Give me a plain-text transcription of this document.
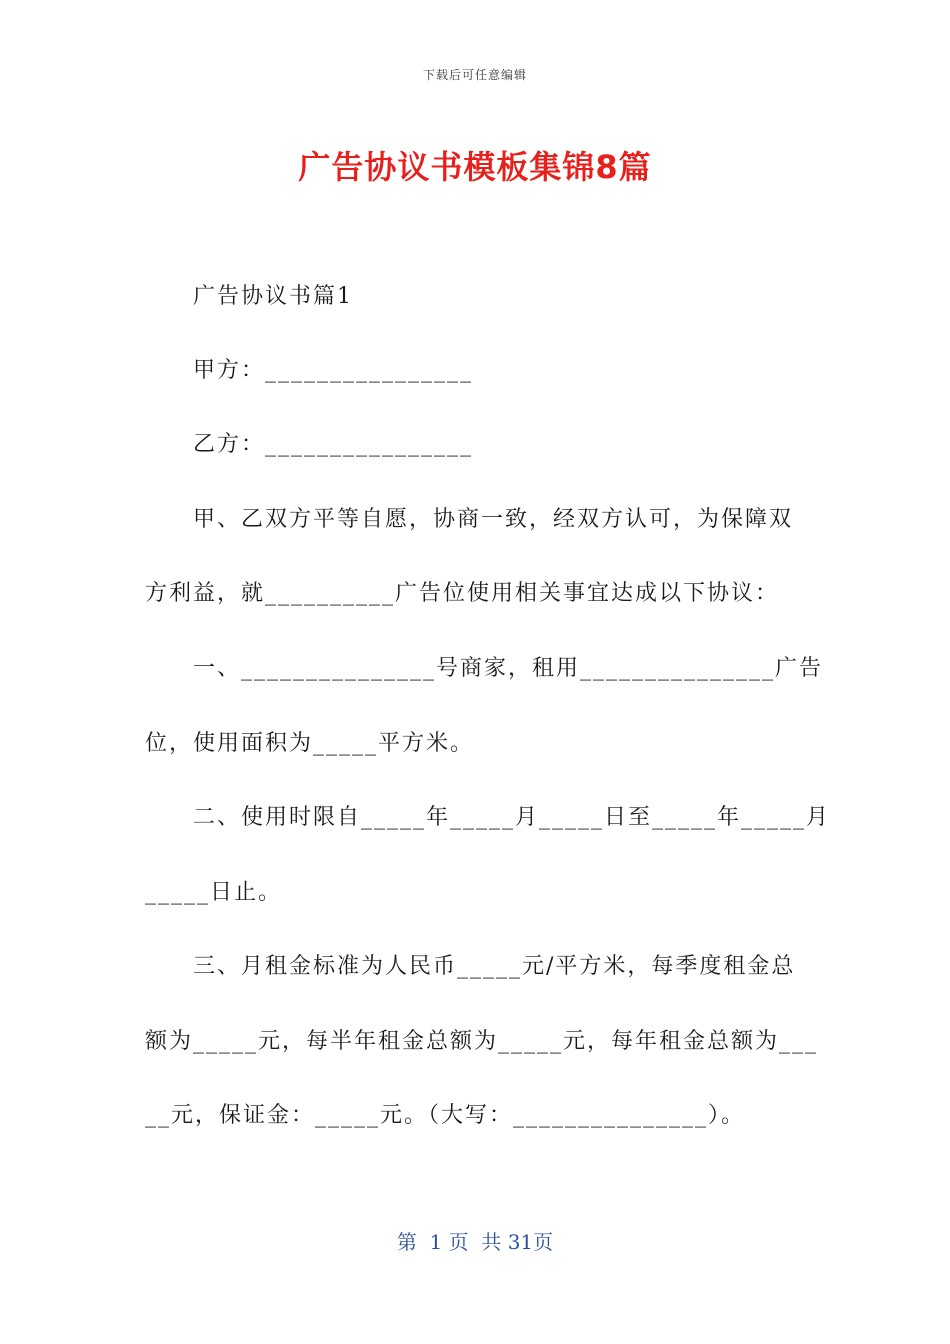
下载后可任意编辑
广告协议书模板集锦8篇
广告协议书篇1
甲方：________________
乙方：________________
甲、乙双方平等自愿，协商一致，经双方认可，为保障双
方利益，就__________广告位使用相关事宜达成以下协议：
一、_______________号商家，租用_______________广告
位，使用面积为_____平方米。
二、使用时限自_____年_____月_____日至_____年_____月
_____日止。
三、月租金标准为人民币_____元/平方米，每季度租金总
额为_____元，每半年租金总额为_____元，每年租金总额为___
__元，保证金：_____元。（大写：_______________）。
第  1 页  共 31页
